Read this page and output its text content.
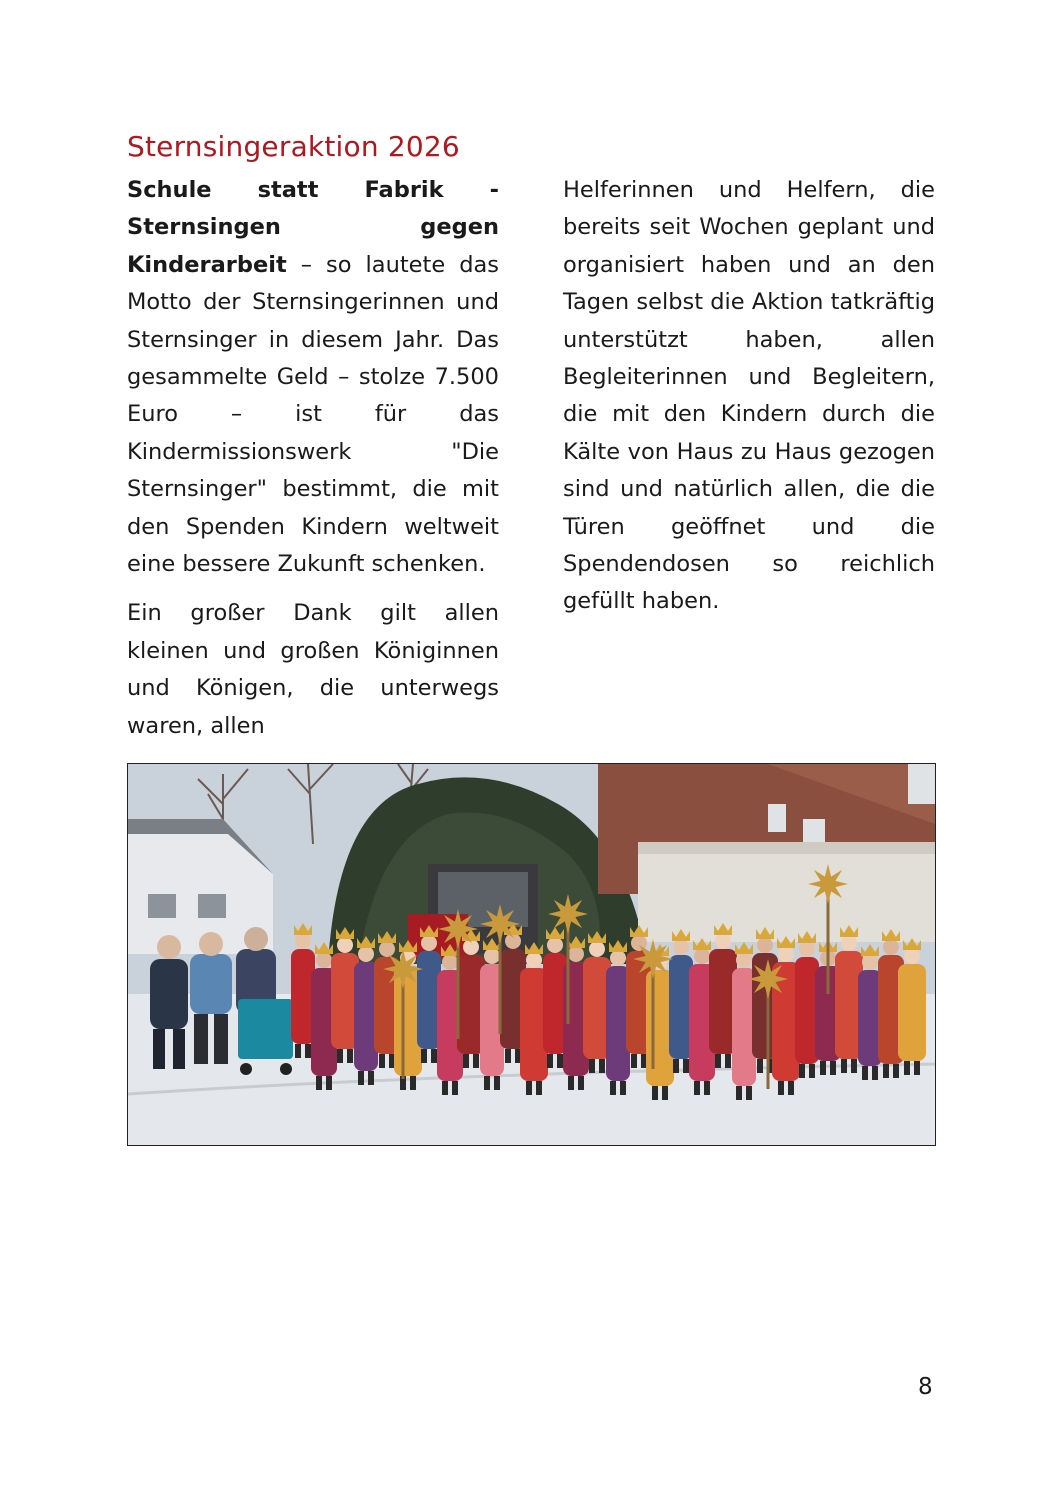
Sternsingeraktion 2026

Schule statt Fabrik - Sternsingen gegen Kinderarbeit – so lautete das Motto der Sternsingerinnen und Sternsinger in diesem Jahr. Das gesammelte Geld – stolze 7.500 Euro – ist für das Kindermissionswerk "Die Sternsinger" bestimmt, die mit den Spenden Kindern weltweit eine bessere Zukunft schenken.

Ein großer Dank gilt allen kleinen und großen Königinnen und Königen, die unterwegs waren, allen

Helferinnen und Helfern, die bereits seit Wochen geplant und organisiert haben und an den Tagen selbst die Aktion tatkräftig unterstützt haben, allen Begleiterinnen und Begleitern, die mit den Kindern durch die Kälte von Haus zu Haus gezogen sind und natürlich allen, die die Türen geöffnet und die Spendendosen so reichlich gefüllt haben.

8
